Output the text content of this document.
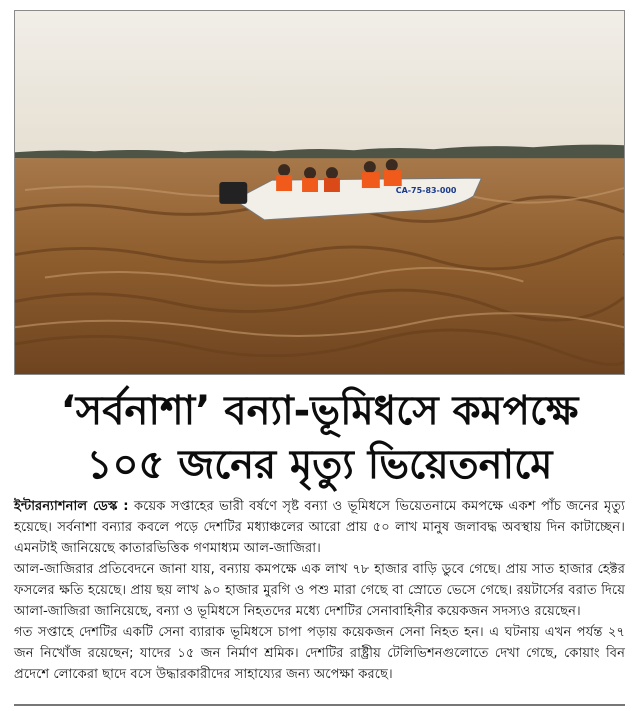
CA-75-83-000
‘সর্বনাশা’ বন্যা-ভূমিধসে কমপক্ষে
১০৫ জনের মৃত্যু ভিয়েতনামে

ইন্টারন্যাশনাল ডেস্ক : কয়েক সপ্তাহের ভারী বর্ষণে সৃষ্ট বন্যা ও ভূমিধসে ভিয়েতনামে কমপক্ষে একশ পাঁচ জনের মৃত্যু হয়েছে। সর্বনাশা বন্যার কবলে পড়ে দেশটির মধ্যাঞ্চলের আরো প্রায় ৫০ লাখ মানুষ জলাবদ্ধ অবস্থায় দিন কাটাচ্ছেন। এমনটাই জানিয়েছে কাতারভিত্তিক গণমাধ্যম আল-জাজিরা।

আল-জাজিরার প্রতিবেদনে জানা যায়, বন্যায় কমপক্ষে এক লাখ ৭৮ হাজার বাড়ি ডুবে গেছে। প্রায় সাত হাজার হেক্টর ফসলের ক্ষতি হয়েছে। প্রায় ছয় লাখ ৯০ হাজার মুরগি ও পশু মারা গেছে বা স্রোতে ভেসে গেছে। রয়টার্সের বরাত দিয়ে আলা-জাজিরা জানিয়েছে, বন্যা ও ভূমিধসে নিহতদের মধ্যে দেশটির সেনাবাহিনীর কয়েকজন সদস্যও রয়েছেন।

গত সপ্তাহে দেশটির একটি সেনা ব্যারাক ভূমিধসে চাপা পড়ায় কয়েকজন সেনা নিহত হন। এ ঘটনায় এখন পর্যন্ত ২৭ জন নিখোঁজ রয়েছেন; যাদের ১৫ জন নির্মাণ শ্রমিক। দেশটির রাষ্ট্রীয় টেলিভিশনগুলোতে দেখা গেছে, কোয়াং বিন প্রদেশে লোকেরা ছাদে বসে উদ্ধারকারীদের সাহায্যের জন্য অপেক্ষা করছে।
